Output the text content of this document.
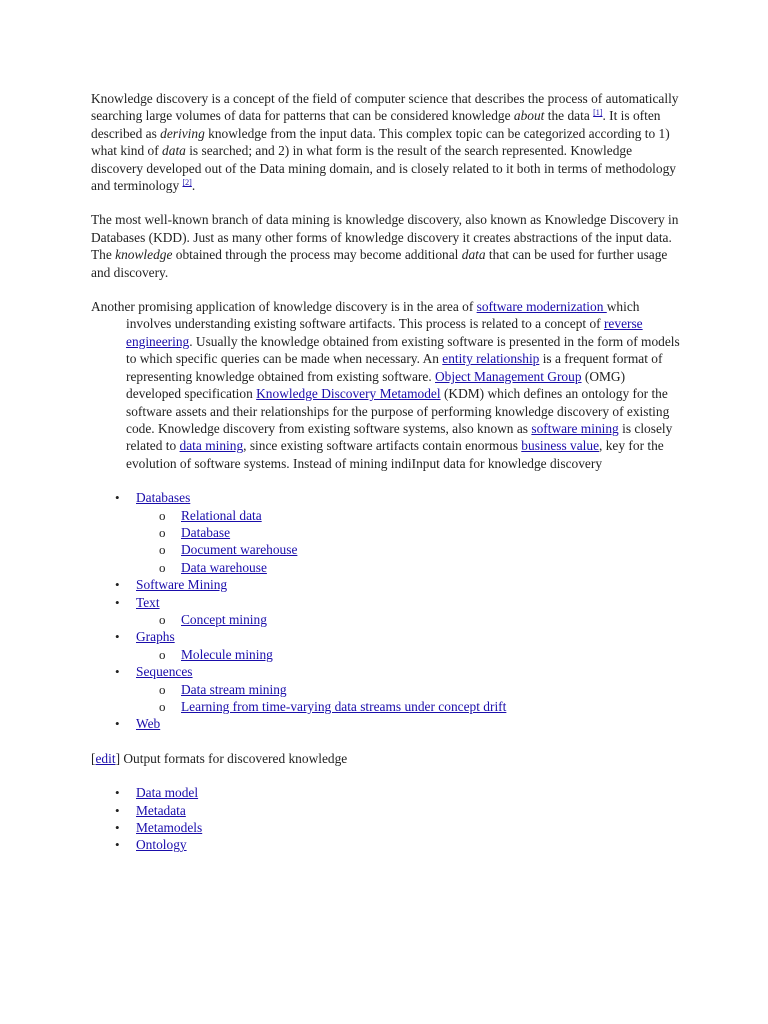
Knowledge discovery is a concept of the field of computer science that describes the process of automatically searching large volumes of data for patterns that can be considered knowledge about the data [1]. It is often described as deriving knowledge from the input data. This complex topic can be categorized according to 1) what kind of data is searched; and 2) in what form is the result of the search represented. Knowledge discovery developed out of the Data mining domain, and is closely related to it both in terms of methodology and terminology [2].

The most well-known branch of data mining is knowledge discovery, also known as Knowledge Discovery in Databases (KDD). Just as many other forms of knowledge discovery it creates abstractions of the input data. The knowledge obtained through the process may become additional data that can be used for further usage and discovery.

Another promising application of knowledge discovery is in the area of software modernization which involves understanding existing software artifacts. This process is related to a concept of reverse engineering. Usually the knowledge obtained from existing software is presented in the form of models to which specific queries can be made when necessary. An entity relationship is a frequent format of representing knowledge obtained from existing software. Object Management Group (OMG) developed specification Knowledge Discovery Metamodel (KDM) which defines an ontology for the software assets and their relationships for the purpose of performing knowledge discovery of existing code. Knowledge discovery from existing software systems, also known as software mining is closely related to data mining, since existing software artifacts contain enormous business value, key for the evolution of software systems. Instead of mining indiInput data for knowledge discovery

• Databases
o Relational data
o Database
o Document warehouse
o Data warehouse
• Software Mining
• Text
o Concept mining
• Graphs
o Molecule mining
• Sequences
o Data stream mining
o Learning from time-varying data streams under concept drift
• Web

[edit] Output formats for discovered knowledge

• Data model
• Metadata
• Metamodels
• Ontology
